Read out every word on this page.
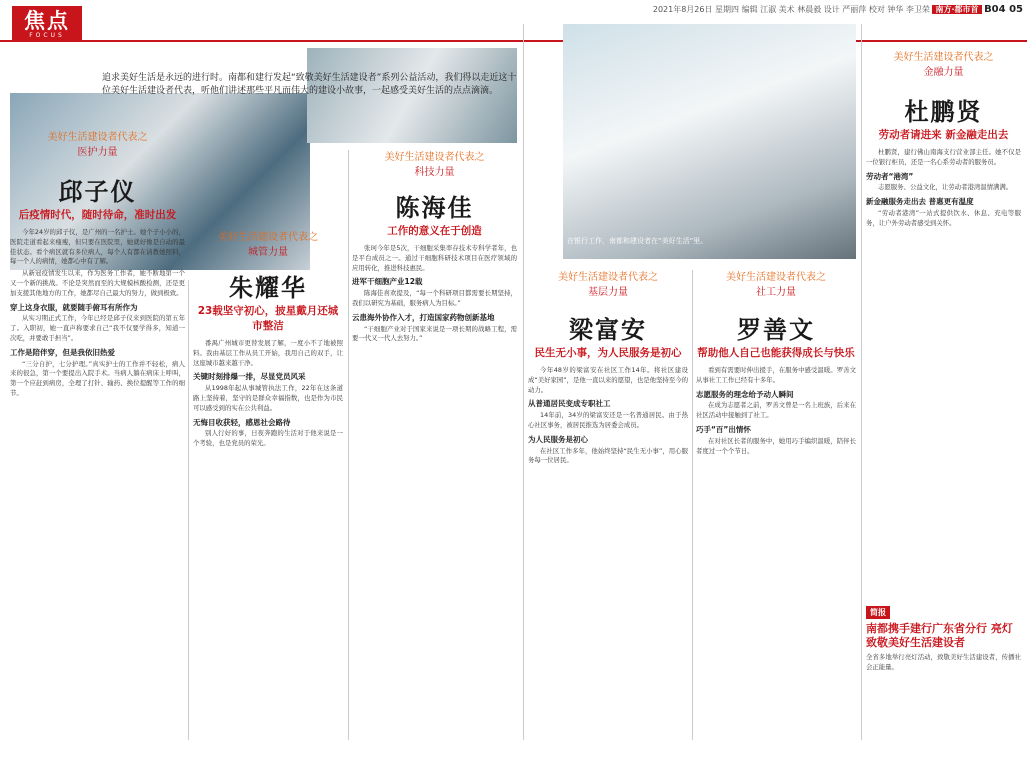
焦点
FOCUS
2021年8月26日 星期四 编辑 江淑 美术 林晨毅 设计 严丽萍 校对 钟华 李卫荣 南方·都市首 B04 05
在银行工作，南都和建设者在“美好生活”里。
追求美好生活是永远的进行时。南都和建行发起“致敬美好生活建设者”系列公益活动，我们得以走近这十位美好生活建设者代表，听他们讲述那些平凡而伟大的建设小故事，一起感受美好生活的点点滴滴。
美好生活建设者代表之
医护力量
邱子仪
后疫情时代，随时待命，准时出发

今年24岁的邱子仪，是广州的一名护士。她个子小小的，医院走道看起来瘦瘦，但只要在医院里，她就好像是自动的最佳状态。看个病区就有多位病人，每个人有都在请教她照料，每一个人的病情，她都心中有了解。

从新冠疫情发生以来，作为医务工作者，她不断地第一个又一个新的挑战。不论是突然而至的大规模核酸检测，还是更加支援其他地方的工作，她都尽自己最大的努力，做到极致。

穿上这身衣服，就要随手俯耳有所作为

从实习期正式工作，今年已经是邱子仪来到医院的第五年了。入职初，她一直声称要求自己“我不仅要学得多，知道一次吃，并要敢于担当”。

工作是陪伴穿，但是我依旧热爱

“三分自护，七分护理。”真实护士的工作并不轻松，病人来的很急，第一个要提出入院手术。当病人躺在病床上呼叫，第一个应赶到病房，全理了打针、输药、换位提醒等工作的细节。

美好生活建设者代表之
城管力量
朱耀华
23载坚守初心，披星戴月还城市整洁

番禺广州城市更替发展了解，一度小不了地被照料。我由基层工作从员工开始，我用自己的双手，让这座城市越来越干净。

关键时刻排爆一排，尽显党员风采

从1998年起从事城管执法工作，22年在这条道路上坚持着，坚守的是群众幸福指数，也是作为市民可以感受到的实在公共利益。

无悔目收获轻，感恩社会路待

别人行好的事，日夜奔跑的生活对于他来说是一个考验，也是党员的荣光。

美好生活建设者代表之
科技力量
陈海佳
工作的意义在于创造

张珂今年是5次，干细胞采集率存技术专科学者年，也是平台成员之一。通过干细胞科研技术项目在医疗领域的应用转化，推进科技惠民。

进军干细胞产业12载

陈海佳喜欢提及，“每一个科研项目都需要长期坚持，我们以研究为基础，服务病人为目标。”

云患海外协作入才，打造国家药物创新基地

“干细胞产业对于国家来说是一项长期的战略工程，需要一代又一代人去努力。”

美好生活建设者代表之
基层力量
梁富安
民生无小事，为人民服务是初心

今年48岁的梁富安在社区工作14年。将社区建设成“美好家园”，是他一直以来的愿望，也是他坚持至今的动力。

从普通居民变成专职社工

14年前，34岁的梁富安还是一名普通居民。由于热心社区事务，被居民推选为居委会成员。

为人民服务是初心

在社区工作多年，他始终坚持“民生无小事”，用心服务每一位居民。

美好生活建设者代表之
社工力量
罗善文
帮助他人自己也能获得成长与快乐

看到有需要时伸出援手，在服务中感受温暖。罗善文从事社工工作已经有十多年。

志愿服务的理念给予动人瞬间

在成为志愿者之前，罗善文曾是一名上班族，后来在社区活动中接触到了社工。

巧手“百”出情怀

在对社区长者的服务中，她用巧手编织温暖，陪伴长者度过一个个节日。

美好生活建设者代表之
金融力量
杜鹏贤
劳动者请进来 新金融走出去

杜鹏贤，建行佛山南海支行营业部主任。她不仅是一位银行柜员，还是一名心系劳动者的服务员。

劳动者“港湾”

志愿服务、公益文化，让劳动者港湾温情满满。

新金融服务走出去 普惠更有温度

“劳动者港湾”一站式提供饮水、休息、充电等服务，让户外劳动者感受到关怀。

简报
南都携手建行广东省分行 亮灯致敬美好生活建设者
全省多地举行亮灯活动，致敬美好生活建设者，传播社会正能量。
